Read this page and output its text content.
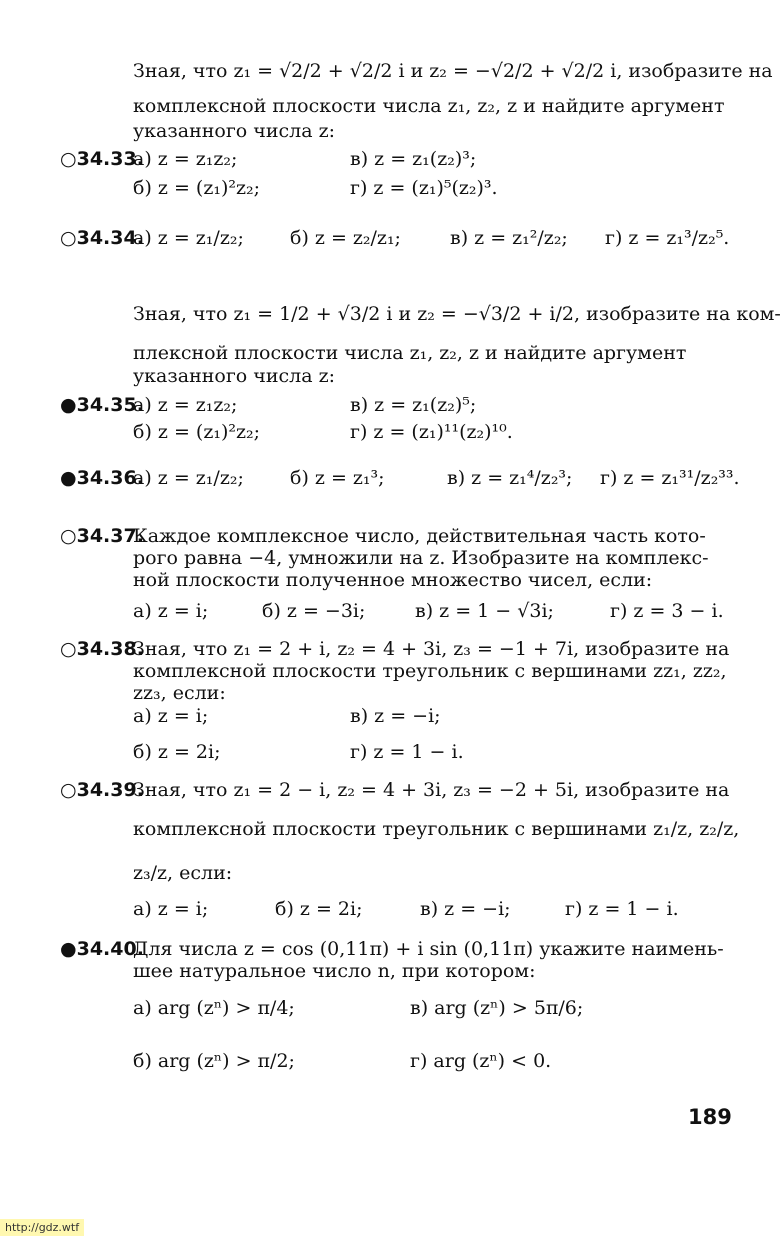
Зная, что z₁ = √2/2 + √2/2 i и z₂ = −√2/2 + √2/2 i, изобразите на
комплексной плоскости числа z₁, z₂, z и найдите аргумент
указанного числа z:
○34.33.
а) z = z₁z₂;	в) z = z₁(z₂)³;
б) z = (z₁)²z₂;	г) z = (z₁)⁵(z₂)³.
○34.34.
а) z = z₁/z₂; б) z = z₂/z₁;	в) z = z₁²/z₂; г) z = z₁³/z₂⁵.
Зная, что z₁ = 1/2 + √3/2 i и z₂ = −√3/2 + i/2, изобразите на ком-
плексной плоскости числа z₁, z₂, z и найдите аргумент
указанного числа z:
●34.35.
а) z = z₁z₂;	в) z = z₁(z₂)⁵;
б) z = (z₁)²z₂;	г) z = (z₁)¹¹(z₂)¹⁰.
●34.36.
а) z = z₁/z₂; б) z = z₁³;	в) z = z₁⁴/z₂³; г) z = z₁³¹/z₂³³.
○34.37.
Каждое комплексное число, действительная часть кото-
рого равна −4, умножили на z. Изобразите на комплекс-
ной плоскости полученное множество чисел, если:
а) z = i;	б) z = −3i;	в) z = 1 − √3i;	г) z = 3 − i.
○34.38.
Зная, что z₁ = 2 + i, z₂ = 4 + 3i, z₃ = −1 + 7i, изобразите на
комплексной плоскости треугольник с вершинами zz₁, zz₂,
zz₃, если:
а) z = i;	в) z = −i;
б) z = 2i;	г) z = 1 − i.
○34.39.
Зная, что z₁ = 2 − i, z₂ = 4 + 3i, z₃ = −2 + 5i, изобразите на
комплексной плоскости треугольник с вершинами z₁/z, z₂/z,
z₃/z, если:
а) z = i;	б) z = 2i;	в) z = −i;	г) z = 1 − i.
●34.40.
Для числа z = cos (0,11π) + i sin (0,11π) укажите наимень-
шее натуральное число n, при котором:
а) arg (zⁿ) > π/4;	в) arg (zⁿ) > 5π/6;
б) arg (zⁿ) > π/2;	г) arg (zⁿ) < 0.
189
http://gdz.wtf
